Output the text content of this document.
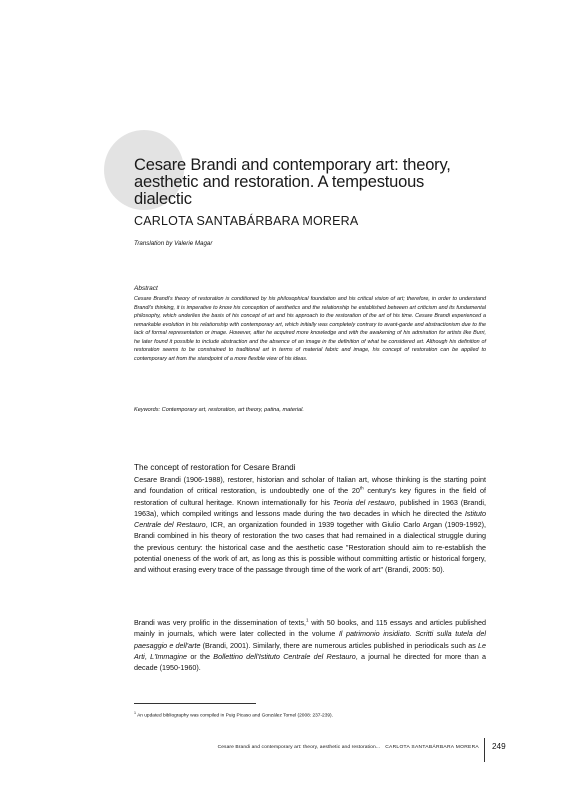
Cesare Brandi and contemporary art: theory, aesthetic and restoration. A tempestuous dialectic
CARLOTA SANTABÁRBARA MORERA
Translation by Valerie Magar
Abstract

Cesare Brandi's theory of restoration is conditioned by his philosophical foundation and his critical vision of art; therefore, in order to understand Brandi's thinking, it is imperative to know his conception of aesthetics and the relationship he established between art criticism and its fundamental philosophy, which underlies the basis of his concept of art and his approach to the restoration of the art of his time. Cesare Brandi experienced a remarkable evolution in his relationship with contemporary art, which initially was completely contrary to avant-garde and abstractionism due to the lack of formal representation or image. However, after he acquired more knowledge and with the awakening of his admiration for artists like Burri, he later found it possible to include abstraction and the absence of an image in the definition of what he considered art. Although his definition of restoration seems to be constrained to traditional art in terms of material fabric and image, his concept of restoration can be applied to contemporary art from the standpoint of a more flexible view of his ideas.

Keywords: Contemporary art, restoration, art theory, patina, material.
The concept of restoration for Cesare Brandi

Cesare Brandi (1906-1988), restorer, historian and scholar of Italian art, whose thinking is the starting point and foundation of critical restoration, is undoubtedly one of the 20th century's key figures in the field of restoration of cultural heritage. Known internationally for his Teoria del restauro, published in 1963 (Brandi, 1963a), which compiled writings and lessons made during the two decades in which he directed the Istituto Centrale del Restauro, ICR, an organization founded in 1939 together with Giulio Carlo Argan (1909-1992), Brandi combined in his theory of restoration the two cases that had remained in a dialectical struggle during the previous century: the historical case and the aesthetic case "Restoration should aim to re-establish the potential oneness of the work of art, as long as this is possible without committing artistic or historical forgery, and without erasing every trace of the passage through time of the work of art" (Brandi, 2005: 50).

Brandi was very prolific in the dissemination of texts,$^1$ with 50 books, and 115 essays and articles published mainly in journals, which were later collected in the volume Il patrimonio insidiato. Scritti sulla tutela del paesaggio e dell'arte (Brandi, 2001). Similarly, there are numerous articles published in periodicals such as Le Arti, L'Immagine or the Bollettino dell'Istituto Centrale del Restauro, a journal he directed for more than a decade (1950-1960).

$^1$ An updated bibliography was compiled in Puig Picaso and González Tornel (2008: 237-239).
Cesare Brandi and contemporary art: theory, aesthetic and restoration... CARLOTA SANTABÁRBARA MORERA 249
